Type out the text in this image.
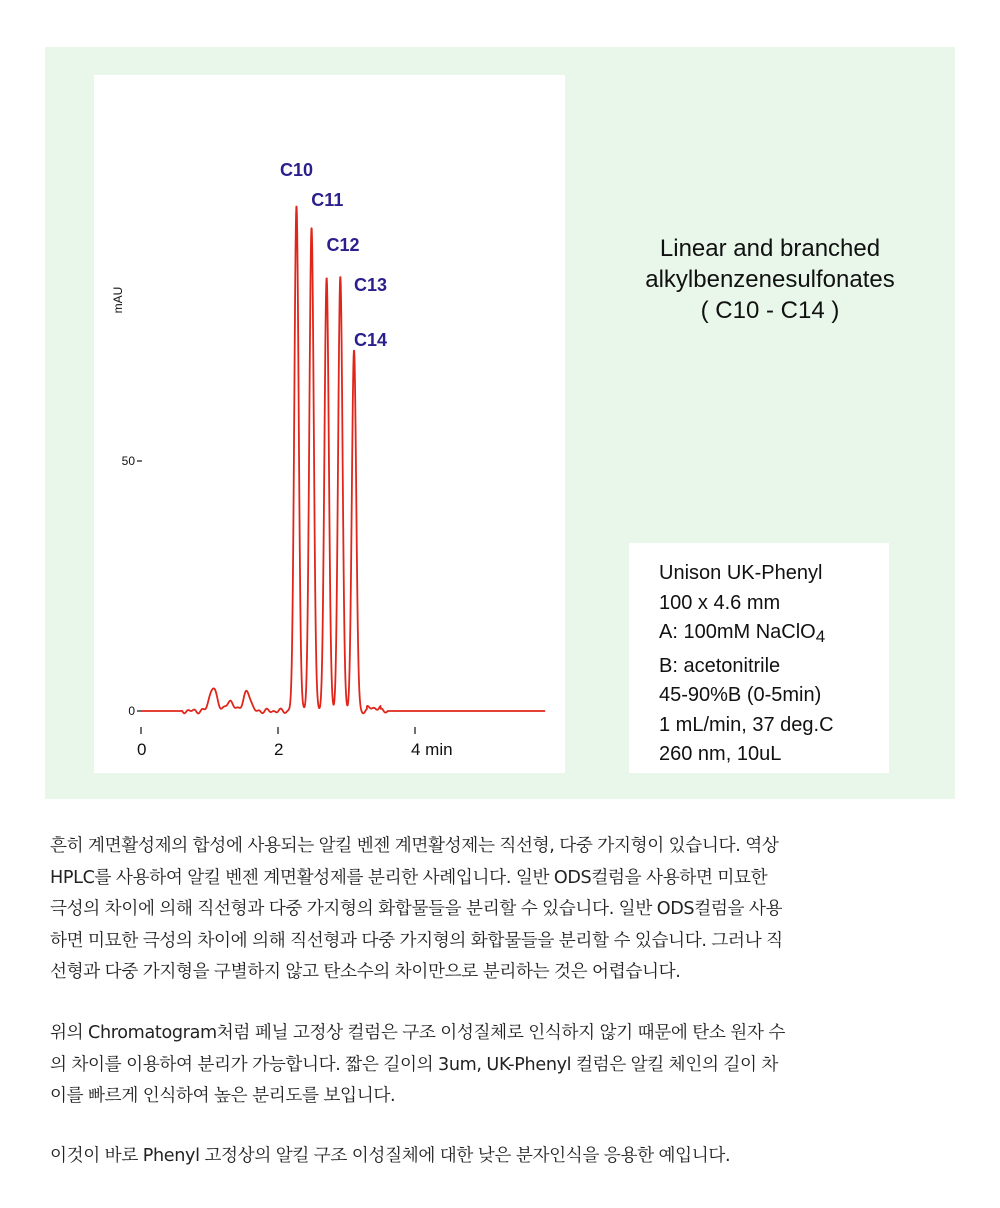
0	2	4 min
0
50
mAU
C10
C11
C12
C13
C14
Linear and branched
alkylbenzenesulfonates
( C10 - C14 )
Unison UK-Phenyl
100 x 4.6 mm
A: 100mM NaClO$_4$
B: acetonitrile
45-90%B (0-5min)
1 mL/min, 37 deg.C
260 nm, 10uL
흔히 계면활성제의 합성에 사용되는 알킬 벤젠 계면활성제는 직선형, 다중 가지형이 있습니다. 역상
HPLC를 사용하여 알킬 벤젠 계면활성제를 분리한 사례입니다. 일반 ODS컬럼을 사용하면 미묘한
극성의 차이에 의해 직선형과 다중 가지형의 화합물들을 분리할 수 있습니다. 일반 ODS컬럼을 사용
하면 미묘한 극성의 차이에 의해 직선형과 다중 가지형의 화합물들을 분리할 수 있습니다. 그러나 직
선형과 다중 가지형을 구별하지 않고 탄소수의 차이만으로 분리하는 것은 어렵습니다.
위의 Chromatogram처럼 페닐 고정상 컬럼은 구조 이성질체로 인식하지 않기 때문에 탄소 원자 수
의 차이를 이용하여 분리가 가능합니다. 짧은 길이의 3um, UK-Phenyl 컬럼은 알킬 체인의 길이 차
이를 빠르게 인식하여 높은 분리도를 보입니다.
이것이 바로 Phenyl 고정상의 알킬 구조 이성질체에 대한 낮은 분자인식을 응용한 예입니다.
